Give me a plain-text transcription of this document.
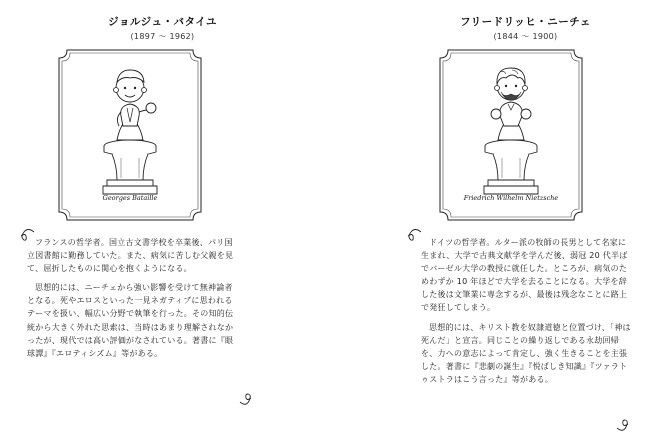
ジョルジュ・バタイユ
(1897 ～ 1962)
Georges Bataille

フランスの哲学者。国立古文書学校を卒業後、パリ国立図書館に勤務していた。また、病気に苦しむ父親を見て、屈折したものに関心を抱くようになる。

思想的には、ニーチェから強い影響を受けて無神論者となる。死やエロスといった一見ネガティブに思われるテーマを扱い、幅広い分野で執筆を行った。その知的伝統から大きく外れた思索は、当時はあまり理解されなかったが、現代では高い評価がなされている。著書に『眼球譚』『エロティシズム』等がある。

フリードリッヒ・ニーチェ
(1844 ～ 1900)
Friedrich Wilhelm Nietzsche

ドイツの哲学者。ルター派の牧師の長男として名家に生まれ、大学で古典文献学を学んだ後、弱冠 20 代半ばでバーゼル大学の教授に就任した。ところが、病気のためわずか 10 年ほどで大学を去ることになる。大学を辞した後は文筆業に専念するが、最後は残念なことに路上で発狂してしまう。

思想的には、キリスト教を奴隷道徳と位置づけ、「神は死んだ」と宣言。同じことの繰り返しである永劫回帰を、力への意志によって肯定し、強く生きることを主張した。著書に『悲劇の誕生』『悦ばしき知識』『ツァラトゥストラはこう言った』等がある。
